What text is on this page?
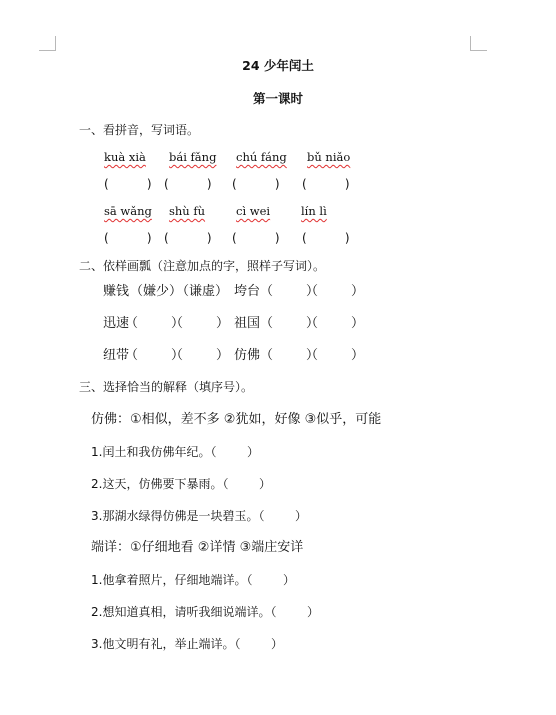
24 少年闰土
第一课时
一、看拼音，写词语。
kuà xià bái fǎng chú fáng bǔ niǎo
(          ) (          ) (          ) (          )
sā wǎng shù fù	cì wei	lín lì
(          ) (          ) (          ) (          )
二、依样画瓢（注意加点的字，照样子写词）。
赚钱 （嫌少）
（谦虚） 垮台 （        ）
（        ）
迅速
（        ）
（        ） 祖国 （        ）
（        ）
纽带
（        ）
（        ） 仿佛 （        ）
（        ）
三、选择恰当的解释（填序号）。
仿佛：①相似，差不多 ②犹如，好像 ③似乎，可能
1.闰土和我仿佛年纪。（        ）
2.这天，仿佛要下暴雨。（        ）
3.那湖水绿得仿佛是一块碧玉。（        ）
端详：①仔细地看 ②详情 ③端庄安详
1.他拿着照片，仔细地端详。（        ）
2.想知道真相，请听我细说端详。（        ）
3.他文明有礼，举止端详。（        ）
